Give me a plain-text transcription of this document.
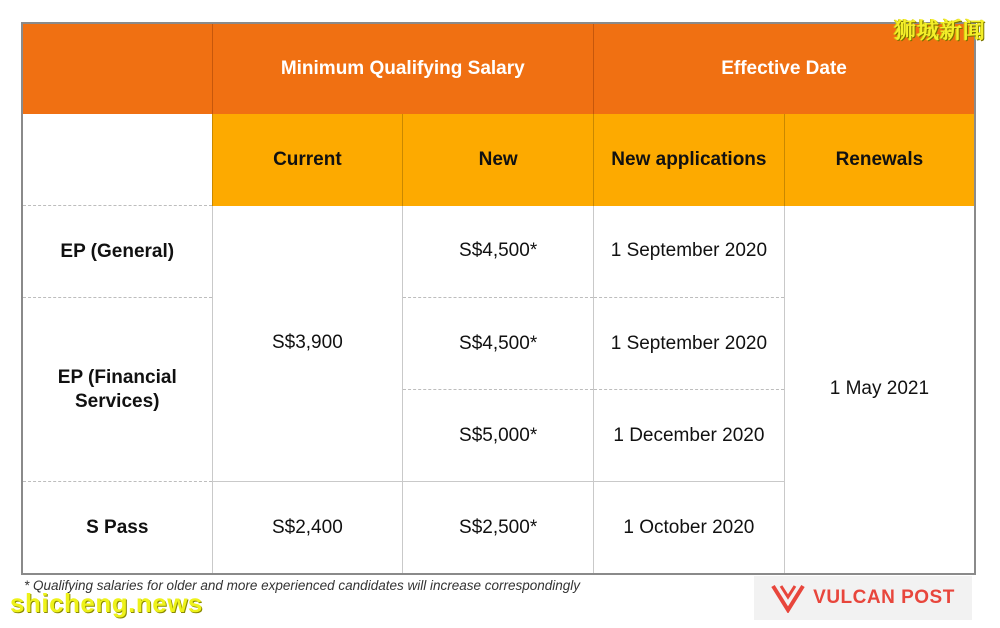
	Minimum Qualifying Salary		Effective Date	
	Current	New	New applications	Renewals
EP (General)	S$3,900	S$4,500*	1 September 2020	1 May 2021
EP (Financial
Services)		S$4,500*	1 September 2020	
		S$5,000*	1 December 2020	
S Pass	S$2,400	S$2,500*	1 October 2020	
* Qualifying salaries for older and more experienced candidates will increase correspondingly
狮城新闻
shicheng.news	VULCAN POST
